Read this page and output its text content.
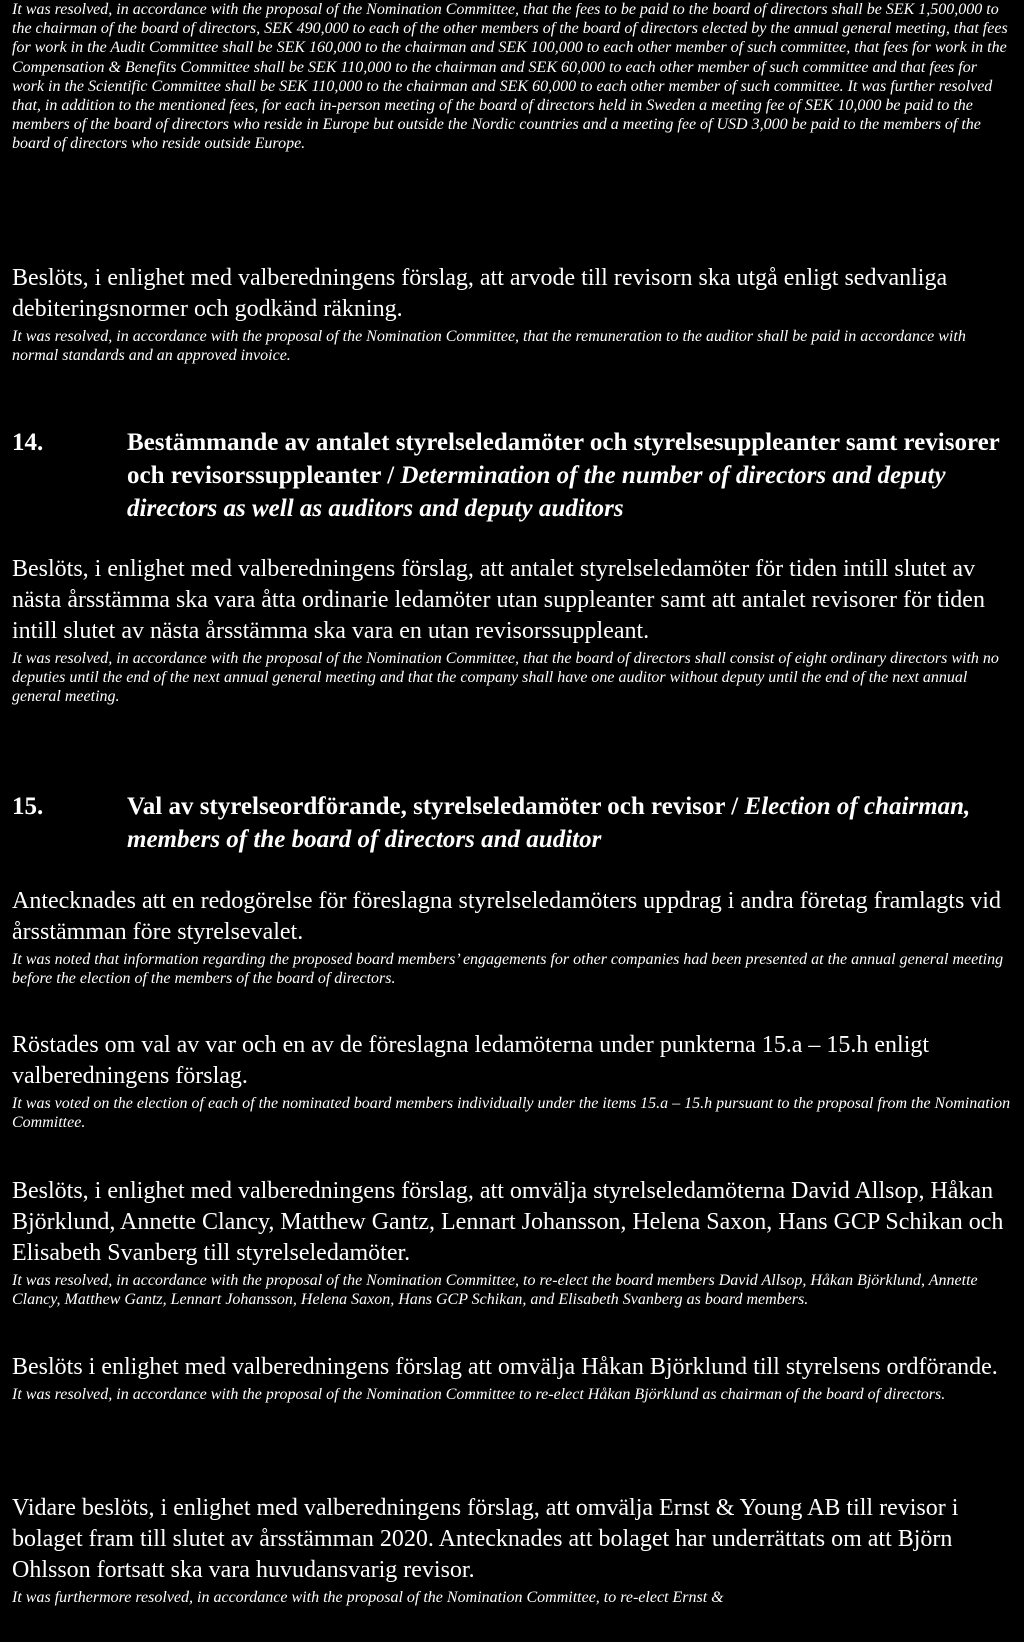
It was resolved, in accordance with the proposal of the Nomination Committee, that the fees to be paid to the board of directors shall be SEK 1,500,000 to the chairman of the board of directors, SEK 490,000 to each of the other members of the board of directors elected by the annual general meeting, that fees for work in the Audit Committee shall be SEK 160,000 to the chairman and SEK 100,000 to each other member of such committee, that fees for work in the Compensation & Benefits Committee shall be SEK 110,000 to the chairman and SEK 60,000 to each other member of such committee and that fees for work in the Scientific Committee shall be SEK 110,000 to the chairman and SEK 60,000 to each other member of such committee. It was further resolved that, in addition to the mentioned fees, for each in-person meeting of the board of directors held in Sweden a meeting fee of SEK 10,000 be paid to the members of the board of directors who reside in Europe but outside the Nordic countries and a meeting fee of USD 3,000 be paid to the members of the board of directors who reside outside Europe.

Beslöts, i enlighet med valberedningens förslag, att arvode till revisorn ska utgå enligt sedvanliga debiteringsnormer och godkänd räkning.

It was resolved, in accordance with the proposal of the Nomination Committee, that the remuneration to the auditor shall be paid in accordance with normal standards and an approved invoice.

14.	Bestämmande av antalet styrelseledamöter och styrelsesuppleanter samt revisorer och revisorssuppleanter / Determination of the number of directors and deputy directors as well as auditors and deputy auditors

Beslöts, i enlighet med valberedningens förslag, att antalet styrelseledamöter för tiden intill slutet av nästa årsstämma ska vara åtta ordinarie ledamöter utan suppleanter samt att antalet revisorer för tiden intill slutet av nästa årsstämma ska vara en utan revisorssuppleant.

It was resolved, in accordance with the proposal of the Nomination Committee, that the board of directors shall consist of eight ordinary directors with no deputies until the end of the next annual general meeting and that the company shall have one auditor without deputy until the end of the next annual general meeting.

15.	Val av styrelseordförande, styrelseledamöter och revisor / Election of chairman, members of the board of directors and auditor

Antecknades att en redogörelse för föreslagna styrelseledamöters uppdrag i andra företag framlagts vid årsstämman före styrelsevalet.

It was noted that information regarding the proposed board members’ engagements for other companies had been presented at the annual general meeting before the election of the members of the board of directors.

Röstades om val av var och en av de föreslagna ledamöterna under punkterna 15.a – 15.h enligt valberedningens förslag.

It was voted on the election of each of the nominated board members individually under the items 15.a – 15.h pursuant to the proposal from the Nomination Committee.

Beslöts, i enlighet med valberedningens förslag, att omvälja styrelseledamöterna David Allsop, Håkan Björklund, Annette Clancy, Matthew Gantz, Lennart Johansson, Helena Saxon, Hans GCP Schikan och Elisabeth Svanberg till styrelseledamöter.

It was resolved, in accordance with the proposal of the Nomination Committee, to re-elect the board members David Allsop, Håkan Björklund, Annette Clancy, Matthew Gantz, Lennart Johansson, Helena Saxon, Hans GCP Schikan, and Elisabeth Svanberg as board members.

Beslöts i enlighet med valberedningens förslag att omvälja Håkan Björklund till styrelsens ordförande.

It was resolved, in accordance with the proposal of the Nomination Committee to re-elect Håkan Björklund as chairman of the board of directors.

Vidare beslöts, i enlighet med valberedningens förslag, att omvälja Ernst & Young AB till revisor i bolaget fram till slutet av årsstämman 2020. Antecknades att bolaget har underrättats om att Björn Ohlsson fortsatt ska vara huvudansvarig revisor.

It was furthermore resolved, in accordance with the proposal of the Nomination Committee, to re-elect Ernst &
